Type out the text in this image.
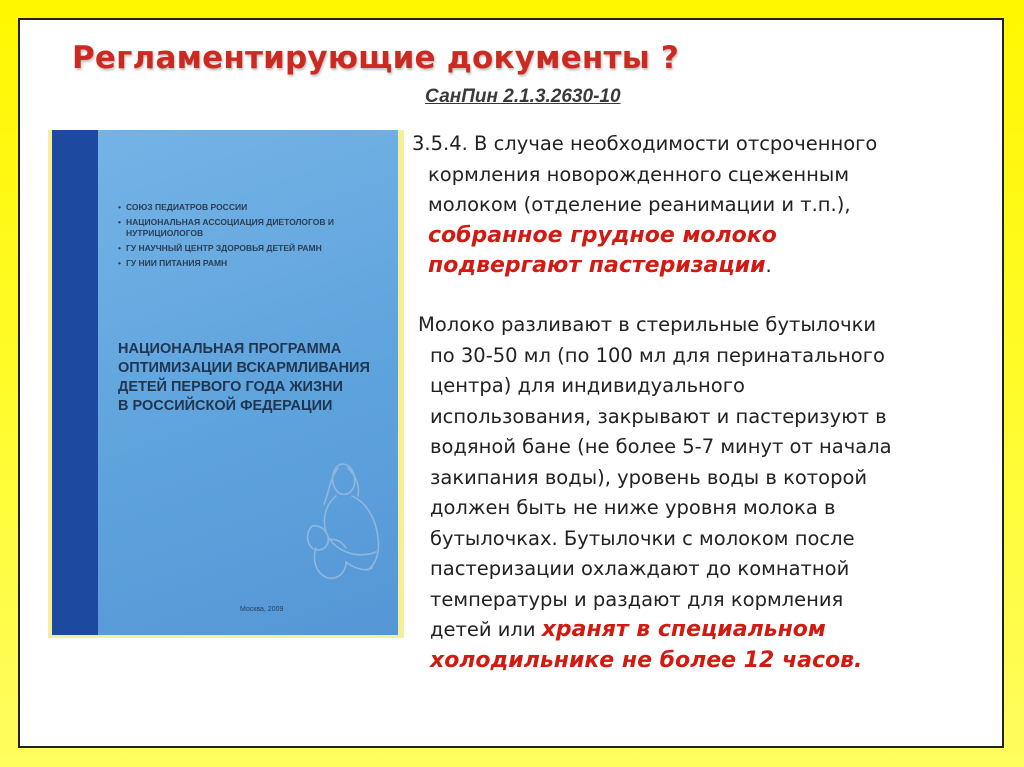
Регламентирующие документы ?
• СОЮЗ ПЕДИАТРОВ РОССИИ
• НАЦИОНАЛЬНАЯ АССОЦИАЦИЯ ДИЕТОЛОГОВ И НУТРИЦИОЛОГОВ
• ГУ НАУЧНЫЙ ЦЕНТР ЗДОРОВЬЯ ДЕТЕЙ РАМН
• ГУ НИИ ПИТАНИЯ РАМН
НАЦИОНАЛЬНАЯ ПРОГРАММА
ОПТИМИЗАЦИИ ВСКАРМЛИВАНИЯ
ДЕТЕЙ ПЕРВОГО ГОДА ЖИЗНИ
В РОССИЙСКОЙ ФЕДЕРАЦИИ
Москва, 2009
СанПин 2.1.3.2630-10
3.5.4. В случае необходимости отсроченного
кормления новорожденного сцеженным
молоком (отделение реанимации и т.п.),
собранное грудное молоко
подвергают пастеризации.
Молоко разливают в стерильные бутылочки
по 30-50 мл (по 100 мл для перинатального
центра) для индивидуального
использования, закрывают и пастеризуют в
водяной бане (не более 5-7 минут от начала
закипания воды), уровень воды в которой
должен быть не ниже уровня молока в
бутылочках. Бутылочки с молоком после
пастеризации охлаждают до комнатной
температуры и раздают для кормления
детей или хранят в специальном
холодильнике не более 12 часов.
